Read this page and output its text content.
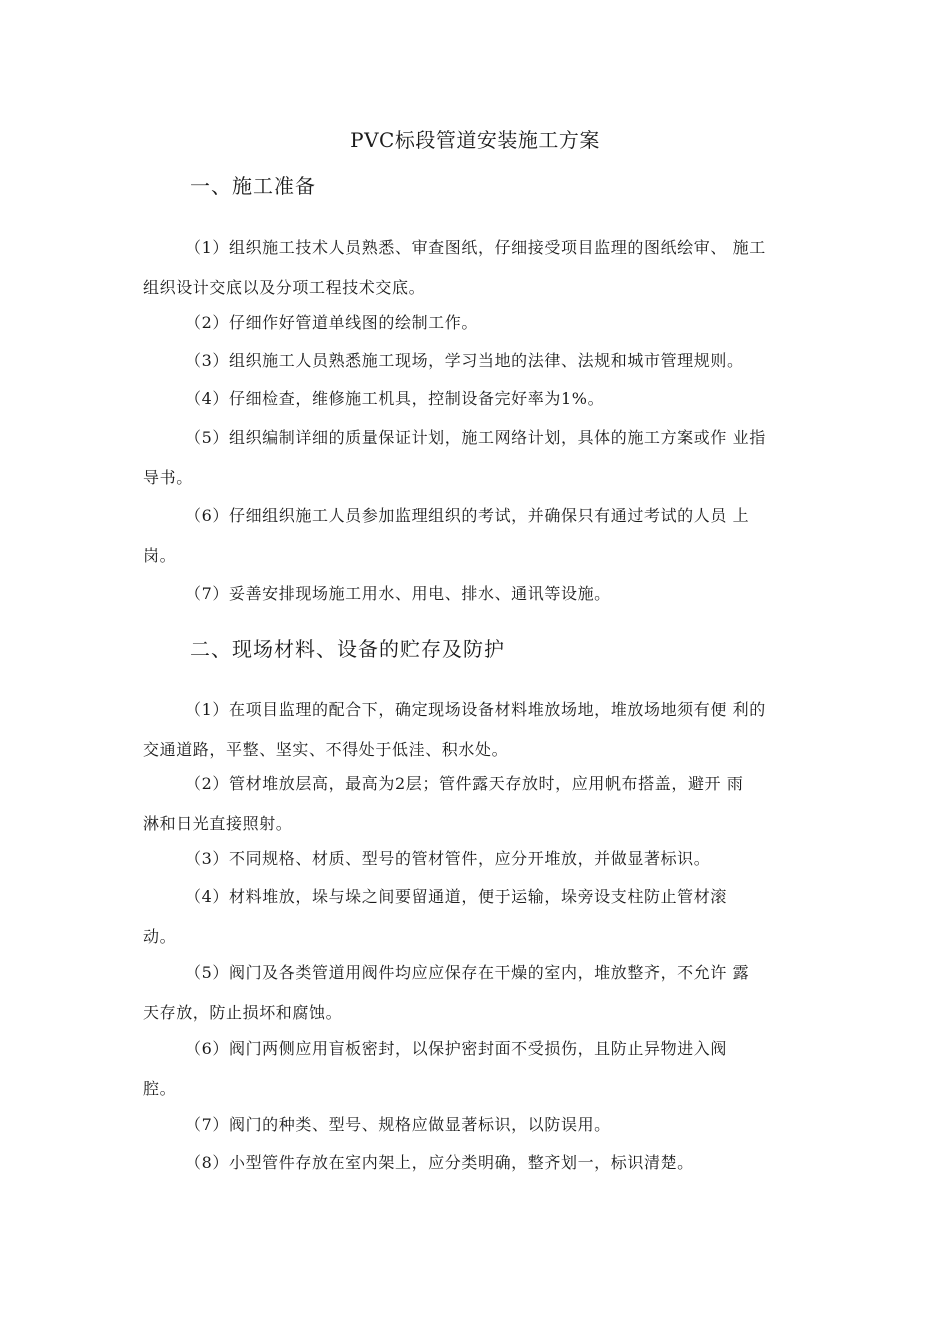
PVC标段管道安装施工方案
一、施工准备
（1）组织施工技术人员熟悉、审查图纸，仔细接受项目监理的图纸绘审、 施工
组织设计交底以及分项工程技术交底。
（2）仔细作好管道单线图的绘制工作。
（3）组织施工人员熟悉施工现场，学习当地的法律、法规和城市管理规则。
（4）仔细检查，维修施工机具，控制设备完好率为1%。
（5）组织编制详细的质量保证计划，施工网络计划，具体的施工方案或作 业指
导书。
（6）仔细组织施工人员参加监理组织的考试，并确保只有通过考试的人员 上
岗。
（7）妥善安排现场施工用水、用电、排水、通讯等设施。
二、现场材料、设备的贮存及防护
（1）在项目监理的配合下，确定现场设备材料堆放场地，堆放场地须有便 利的
交通道路，平整、坚实、不得处于低洼、积水处。
（2）管材堆放层高，最高为2层；管件露天存放时，应用帆布搭盖，避开 雨
淋和日光直接照射。
（3）不同规格、材质、型号的管材管件，应分开堆放，并做显著标识。
（4）材料堆放，垛与垛之间要留通道，便于运输，垛旁设支柱防止管材滚
动。
（5）阀门及各类管道用阀件均应应保存在干燥的室内，堆放整齐，不允许 露
天存放，防止损坏和腐蚀。
（6）阀门两侧应用盲板密封，以保护密封面不受损伤，且防止异物进入阀
腔。
（7）阀门的种类、型号、规格应做显著标识，以防误用。
（8）小型管件存放在室内架上，应分类明确，整齐划一，标识清楚。
